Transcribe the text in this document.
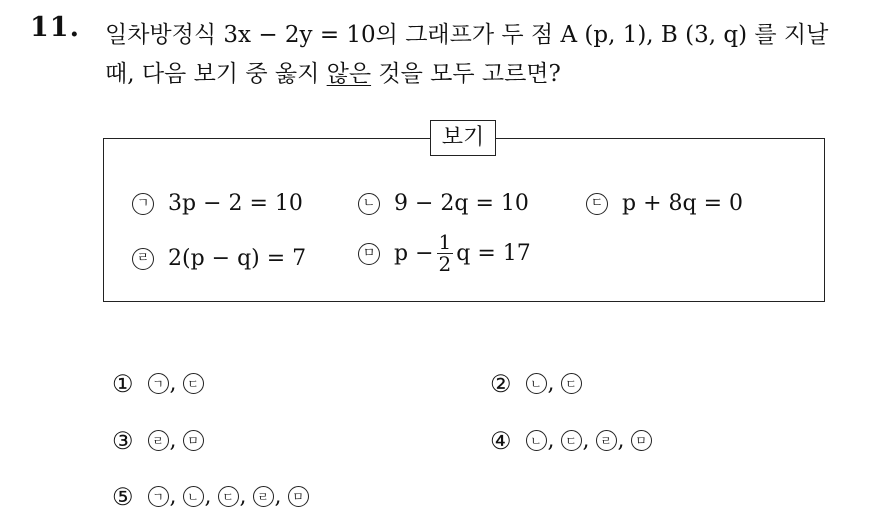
11. 일차방정식 3x − 2y = 10의 그래프가 두 점 A (p, 1), B (3, q) 를 지날
때, 다음 보기 중 옳지 않은 것을 모두 고르면?
보기
ㄱ 3p − 2 = 10	ㄴ 9 − 2q = 10	ㄷ p + 8q = 0
ㄹ 2(p − q) = 7	ㅁ $p - \frac{1}{2}$ q = 17
①	ㄱ , ㄷ	②	ㄴ , ㄷ
③	ㄹ , ㅁ	④	ㄴ , ㄷ , ㄹ , ㅁ
⑤	ㄱ , ㄴ , ㄷ , ㄹ , ㅁ
